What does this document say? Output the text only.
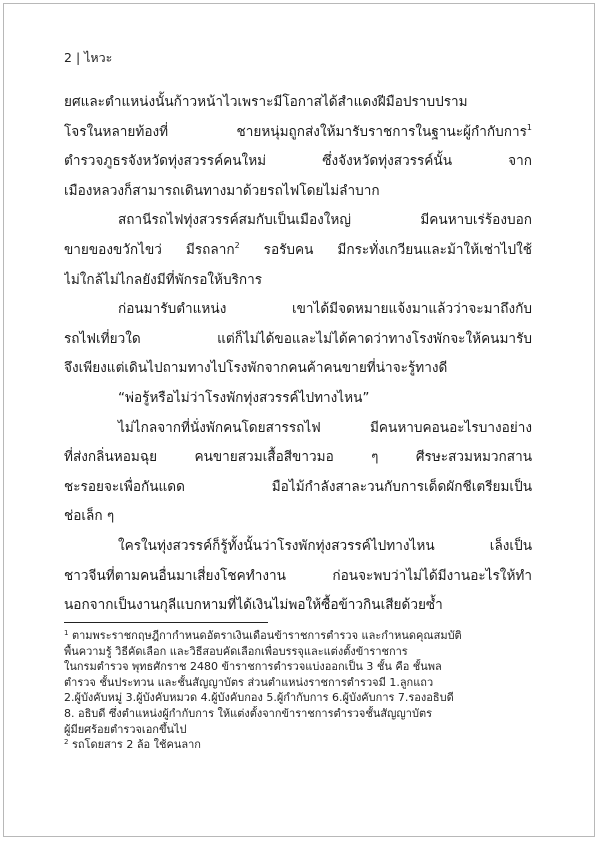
2 | ไหวะ
ยศและตำแหน่งนั้นก้าวหน้าไวเพราะมีโอกาสได้สำแดงฝีมือปราบปราม
โจรในหลายท้องที่ ชายหนุ่มถูกส่งให้มารับราชการในฐานะผู้กำกับการ$^1$
ตำรวจภูธรจังหวัดทุ่งสวรรค์คนใหม่ ซึ่งจังหวัดทุ่งสวรรค์นั้น จาก
เมืองหลวงก็สามารถเดินทางมาด้วยรถไฟโดยไม่ลำบาก
สถานีรถไฟทุ่งสวรรค์สมกับเป็นเมืองใหญ่ มีคนหาบเร่ร้องบอก
ขายของขวักไขว่ มีรถลาก$^2$ รอรับคน มีกระทั่งเกวียนและม้าให้เช่าไปใช้
ไม่ใกล้ไม่ไกลยังมีที่พักรอให้บริการ
ก่อนมารับตำแหน่ง เขาได้มีจดหมายแจ้งมาแล้วว่าจะมาถึงกับ
รถไฟเที่ยวใด แต่ก็ไม่ได้ขอและไม่ได้คาดว่าทางโรงพักจะให้คนมารับ
จึงเพียงแต่เดินไปถามทางไปโรงพักจากคนค้าคนขายที่น่าจะรู้ทางดี
“พ่อรู้หรือไม่ว่าโรงพักทุ่งสวรรค์ไปทางไหน”
ไม่ไกลจากที่นั่งพักคนโดยสารรถไฟ มีคนหาบคอนอะไรบางอย่าง
ที่ส่งกลิ่นหอมฉุย คนขายสวมเสื้อสีขาวมอ ๆ ศีรษะสวมหมวกสาน
ชะรอยจะเพื่อกันแดด มือไม้กำลังสาละวนกับการเด็ดผักชีเตรียมเป็น
ช่อเล็ก ๆ
ใครในทุ่งสวรรค์ก็รู้ทั้งนั้นว่าโรงพักทุ่งสวรรค์ไปทางไหน เล็งเป็น
ชาวจีนที่ตามคนอื่นมาเสี่ยงโชคทำงาน ก่อนจะพบว่าไม่ได้มีงานอะไรให้ทำ
นอกจากเป็นงานกุลีแบกหามที่ได้เงินไม่พอให้ซื้อข้าวกินเสียด้วยซ้ำ
$^1$ ตามพระราชกฤษฎีกากำหนดอัตราเงินเดือนข้าราชการตำรวจ และกำหนดคุณสมบัติ
พื้นความรู้ วิธีคัดเลือก และวิธีสอบคัดเลือกเพื่อบรรจุและแต่งตั้งข้าราชการ
ในกรมตำรวจ พุทธศักราช 2480 ข้าราชการตำรวจแบ่งออกเป็น 3 ชั้น คือ ชั้นพล
ตำรวจ ชั้นประทวน และชั้นสัญญาบัตร ส่วนตำแหน่งราชการตำรวจมี 1.ลูกแถว
2.ผู้บังคับหมู่ 3.ผู้บังคับหมวด 4.ผู้บังคับกอง 5.ผู้กำกับการ 6.ผู้บังคับการ 7.รองอธิบดี
8. อธิบดี ซึ่งตำแหน่งผู้กำกับการ ให้แต่งตั้งจากข้าราชการตำรวจชั้นสัญญาบัตร
ผู้มียศร้อยตำรวจเอกขึ้นไป
$^2$ รถโดยสาร 2 ล้อ ใช้คนลาก
